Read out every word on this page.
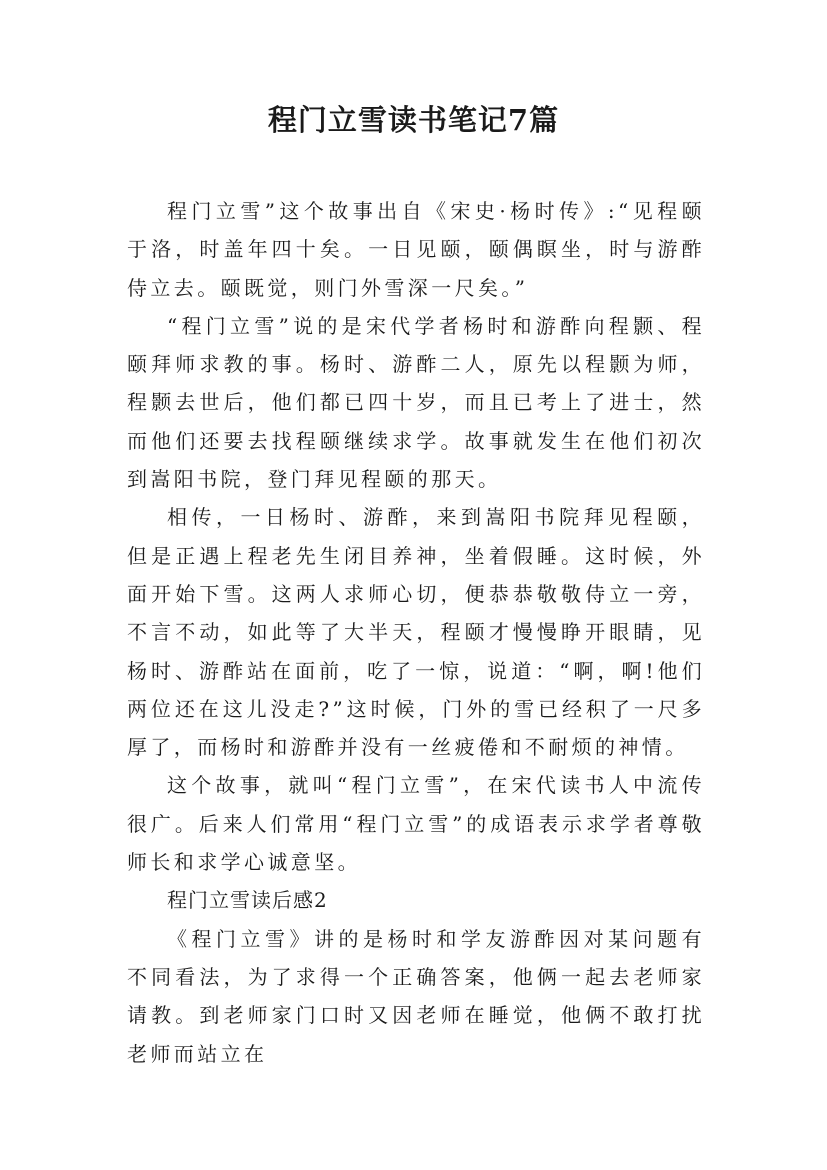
程门立雪读书笔记7篇

程门立雪”这个故事出自《宋史·杨时传》:“见程颐于洛，时盖年四十矣。一日见颐，颐偶瞑坐，时与游酢侍立去。颐既觉，则门外雪深一尺矣。”

“程门立雪”说的是宋代学者杨时和游酢向程颢、程颐拜师求教的事。杨时、游酢二人，原先以程颢为师，程颢去世后，他们都已四十岁，而且已考上了进士，然而他们还要去找程颐继续求学。故事就发生在他们初次到嵩阳书院，登门拜见程颐的那天。

相传，一日杨时、游酢，来到嵩阳书院拜见程颐，但是正遇上程老先生闭目养神，坐着假睡。这时候，外面开始下雪。这两人求师心切，便恭恭敬敬侍立一旁，不言不动，如此等了大半天，程颐才慢慢睁开眼睛，见杨时、游酢站在面前，吃了一惊，说道：“啊，啊!他们两位还在这儿没走?”这时候，门外的雪已经积了一尺多厚了，而杨时和游酢并没有一丝疲倦和不耐烦的神情。

这个故事，就叫“程门立雪”，在宋代读书人中流传很广。后来人们常用“程门立雪”的成语表示求学者尊敬师长和求学心诚意坚。

程门立雪读后感2

《程门立雪》讲的是杨时和学友游酢因对某问题有不同看法，为了求得一个正确答案，他俩一起去老师家请教。到老师家门口时又因老师在睡觉，他俩不敢打扰老师而站立在
